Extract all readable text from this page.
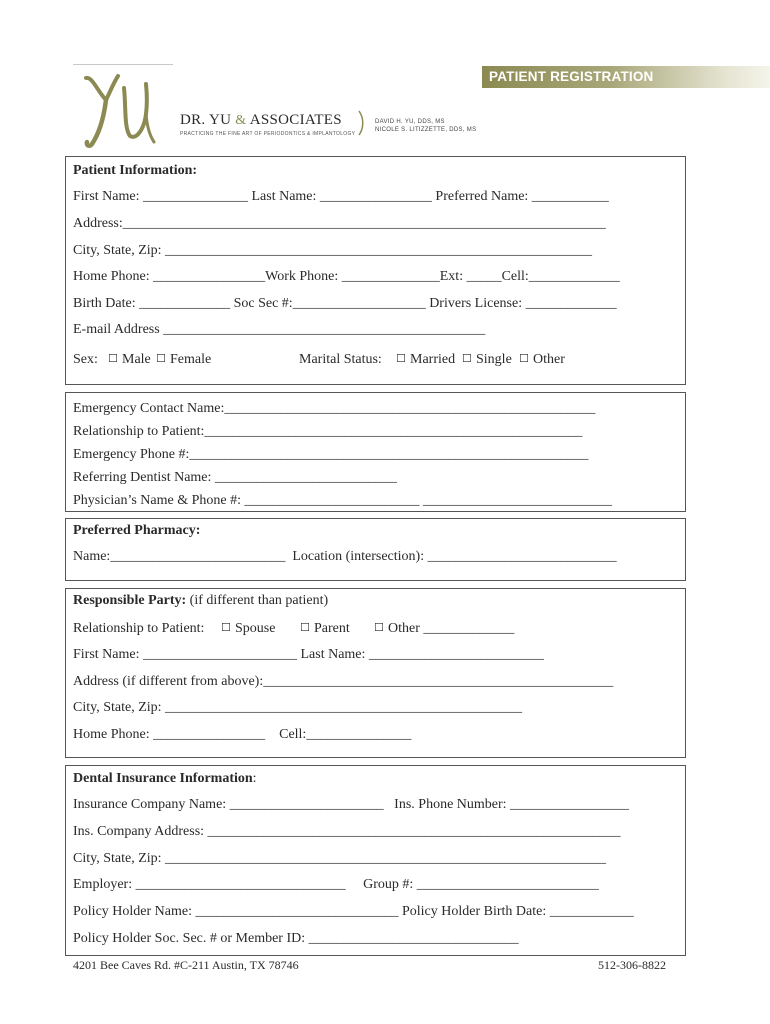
PATIENT REGISTRATION
DR. YU & ASSOCIATES
PRACTICING THE FINE ART OF PERIODONTICS & IMPLANTOLOGY
DAVID H. YU, DDS, MS
NICOLE S. LITIZZETTE, DDS, MS
Patient Information:
First Name: _______________ Last Name: ________________ Preferred Name: ___________
Address:_____________________________________________________________________
City, State, Zip: _____________________________________________________________
Home Phone: ________________Work Phone: ______________Ext: _____Cell:_____________
Birth Date: _____________ Soc Sec #:___________________ Drivers License: _____________
E-mail Address ______________________________________________
Sex: ☐ Male ☐ Female	Marital Status: ☐ Married ☐ Single ☐ Other
Emergency Contact Name:_____________________________________________________
Relationship to Patient:______________________________________________________
Emergency Phone #:_________________________________________________________
Referring Dentist Name: __________________________
Physician’s Name & Phone #: _________________________ ___________________________
Preferred Pharmacy:
Name:_________________________  Location (intersection): ___________________________
Responsible Party: (if different than patient)
Relationship to Patient: ☐ Spouse ☐ Parent ☐ Other _____________
First Name: ______________________ Last Name: _________________________
Address (if different from above):__________________________________________________
City, State, Zip: ___________________________________________________
Home Phone: ________________    Cell:_______________
Dental Insurance Information:
Insurance Company Name: ______________________   Ins. Phone Number: _________________
Ins. Company Address: ___________________________________________________________
City, State, Zip: _______________________________________________________________
Employer: ______________________________     Group #: __________________________
Policy Holder Name: _____________________________ Policy Holder Birth Date: ____________
Policy Holder Soc. Sec. # or Member ID: ______________________________
4201 Bee Caves Rd. #C-211 Austin, TX 78746	512-306-8822
